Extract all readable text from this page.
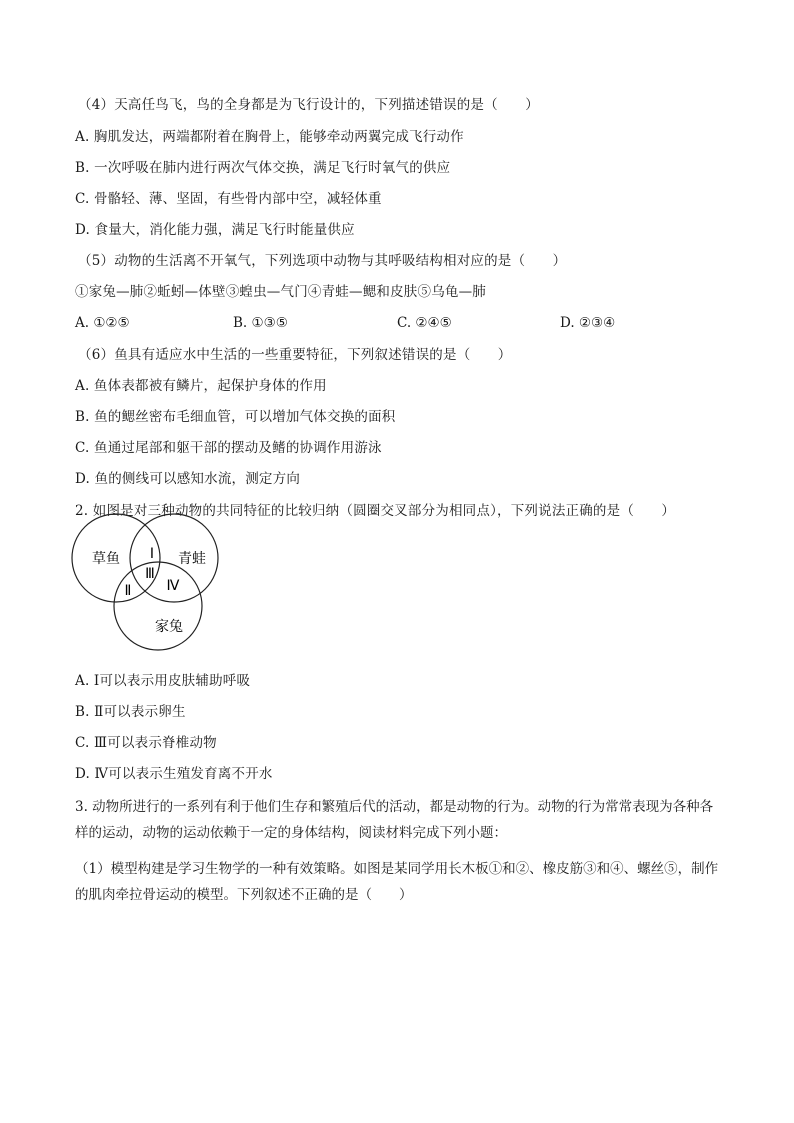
（4）天高任鸟飞，鸟的全身都是为飞行设计的，下列描述错误的是（　　）
A. 胸肌发达，两端都附着在胸骨上，能够牵动两翼完成飞行动作
B. 一次呼吸在肺内进行两次气体交换，满足飞行时氧气的供应
C. 骨骼轻、薄、坚固，有些骨内部中空，减轻体重
D. 食量大，消化能力强，满足飞行时能量供应
（5）动物的生活离不开氧气，下列选项中动物与其呼吸结构相对应的是（　　）
①家兔—肺②蚯蚓—体壁③蝗虫—气门④青蛙—鳃和皮肤⑤乌龟—肺
A. ①②⑤	B. ①③⑤	C. ②④⑤	D. ②③④
（6）鱼具有适应水中生活的一些重要特征，下列叙述错误的是（　　）
A. 鱼体表都被有鳞片，起保护身体的作用
B. 鱼的鳃丝密布毛细血管，可以增加气体交换的面积
C. 鱼通过尾部和躯干部的摆动及鳍的协调作用游泳
D. 鱼的侧线可以感知水流，测定方向
2. 如图是对三种动物的共同特征的比较归纳（圆圈交叉部分为相同点），下列说法正确的是（　　）
草鱼	青蛙
家兔
Ⅰ
Ⅱ
Ⅲ
Ⅳ
A. Ⅰ可以表示用皮肤辅助呼吸
B. Ⅱ可以表示卵生
C. Ⅲ可以表示脊椎动物
D. Ⅳ可以表示生殖发育离不开水
3. 动物所进行的一系列有利于他们生存和繁殖后代的活动，都是动物的行为。动物的行为常常表现为各种各样的运动，动物的运动依赖于一定的身体结构，阅读材料完成下列小题：
（1）模型构建是学习生物学的一种有效策略。如图是某同学用长木板①和②、橡皮筋③和④、螺丝⑤，制作的肌肉牵拉骨运动的模型。下列叙述不正确的是（　　）
